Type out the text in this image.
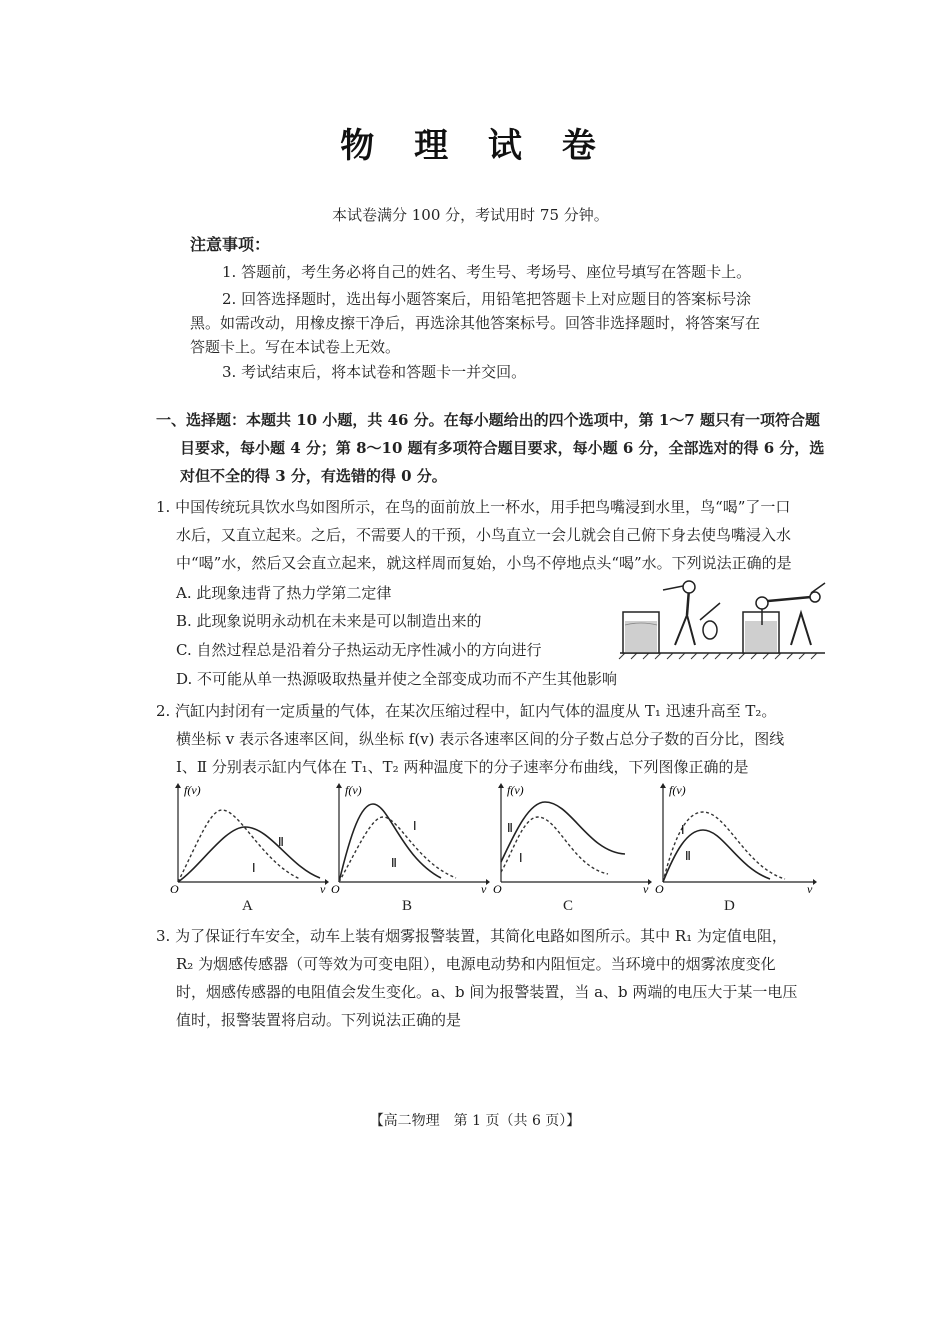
物 理 试 卷
本试卷满分 100 分，考试用时 75 分钟。
注意事项：
1. 答题前，考生务必将自己的姓名、考生号、考场号、座位号填写在答题卡上。
2. 回答选择题时，选出每小题答案后，用铅笔把答题卡上对应题目的答案标号涂
黑。如需改动，用橡皮擦干净后，再选涂其他答案标号。回答非选择题时，将答案写在
答题卡上。写在本试卷上无效。
3. 考试结束后，将本试卷和答题卡一并交回。
一、选择题：本题共 10 小题，共 46 分。在每小题给出的四个选项中，第 1～7 题只有一项符合题
目要求，每小题 4 分；第 8～10 题有多项符合题目要求，每小题 6 分，全部选对的得 6 分，选
对但不全的得 3 分，有选错的得 0 分。
1. 中国传统玩具饮水鸟如图所示，在鸟的面前放上一杯水，用手把鸟嘴浸到水里，鸟“喝”了一口
水后，又直立起来。之后，不需要人的干预，小鸟直立一会儿就会自己俯下身去使鸟嘴浸入水
中“喝”水，然后又会直立起来，就这样周而复始，小鸟不停地点头“喝”水。下列说法正确的是
A. 此现象违背了热力学第二定律
B. 此现象说明永动机在未来是可以制造出来的
C. 自然过程总是沿着分子热运动无序性减小的方向进行
D. 不可能从单一热源吸取热量并使之全部变成功而不产生其他影响
2. 汽缸内封闭有一定质量的气体，在某次压缩过程中，缸内气体的温度从 T₁ 迅速升高至 T₂。
横坐标 v 表示各速率区间，纵坐标 f(v) 表示各速率区间的分子数占总分子数的百分比，图线
Ⅰ、Ⅱ 分别表示缸内气体在 T₁、T₂ 两种温度下的分子速率分布曲线，下列图像正确的是
f(v)
v
O
Ⅰ
Ⅱ
A
f(v)
v
O
Ⅰ
Ⅱ
B
f(v)
v
O
Ⅰ
Ⅱ
C
f(v)
v
O
Ⅰ
Ⅱ
D
3. 为了保证行车安全，动车上装有烟雾报警装置，其简化电路如图所示。其中 R₁ 为定值电阻，
R₂ 为烟感传感器（可等效为可变电阻），电源电动势和内阻恒定。当环境中的烟雾浓度变化
时，烟感传感器的电阻值会发生变化。a、b 间为报警装置，当 a、b 两端的电压大于某一电压
值时，报警装置将启动。下列说法正确的是
【高二物理　第 1 页（共 6 页）】
